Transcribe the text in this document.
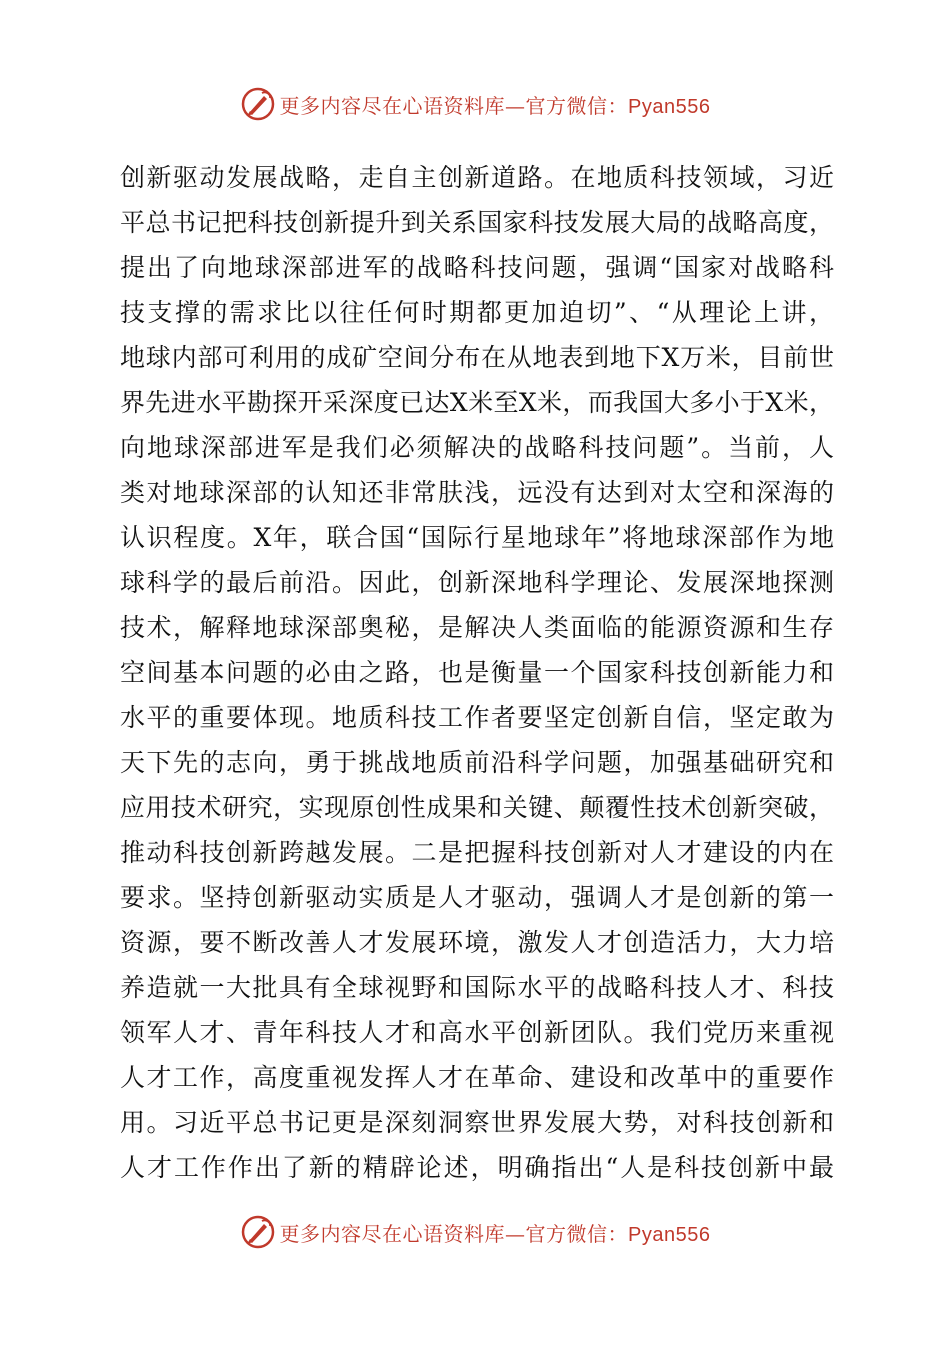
更多内容尽在心语资料库—官方微信：Pyan556
创新驱动发展战略，走自主创新道路。在地质科技领域，习近
平总书记把科技创新提升到关系国家科技发展大局的战略高度，
提出了向地球深部进军的战略科技问题，强调“国家对战略科
技支撑的需求比以往任何时期都更加迫切”、“从理论上讲，
地球内部可利用的成矿空间分布在从地表到地下X万米，目前世
界先进水平勘探开采深度已达X米至X米，而我国大多小于X米，
向地球深部进军是我们必须解决的战略科技问题”。当前，人
类对地球深部的认知还非常肤浅，远没有达到对太空和深海的
认识程度。X年，联合国“国际行星地球年”将地球深部作为地
球科学的最后前沿。因此，创新深地科学理论、发展深地探测
技术，解释地球深部奥秘，是解决人类面临的能源资源和生存
空间基本问题的必由之路，也是衡量一个国家科技创新能力和
水平的重要体现。地质科技工作者要坚定创新自信，坚定敢为
天下先的志向，勇于挑战地质前沿科学问题，加强基础研究和
应用技术研究，实现原创性成果和关键、颠覆性技术创新突破，
推动科技创新跨越发展。二是把握科技创新对人才建设的内在
要求。坚持创新驱动实质是人才驱动，强调人才是创新的第一
资源，要不断改善人才发展环境，激发人才创造活力，大力培
养造就一大批具有全球视野和国际水平的战略科技人才、科技
领军人才、青年科技人才和高水平创新团队。我们党历来重视
人才工作，高度重视发挥人才在革命、建设和改革中的重要作
用。习近平总书记更是深刻洞察世界发展大势，对科技创新和
人才工作作出了新的精辟论述，明确指出“人是科技创新中最
更多内容尽在心语资料库—官方微信：Pyan556
